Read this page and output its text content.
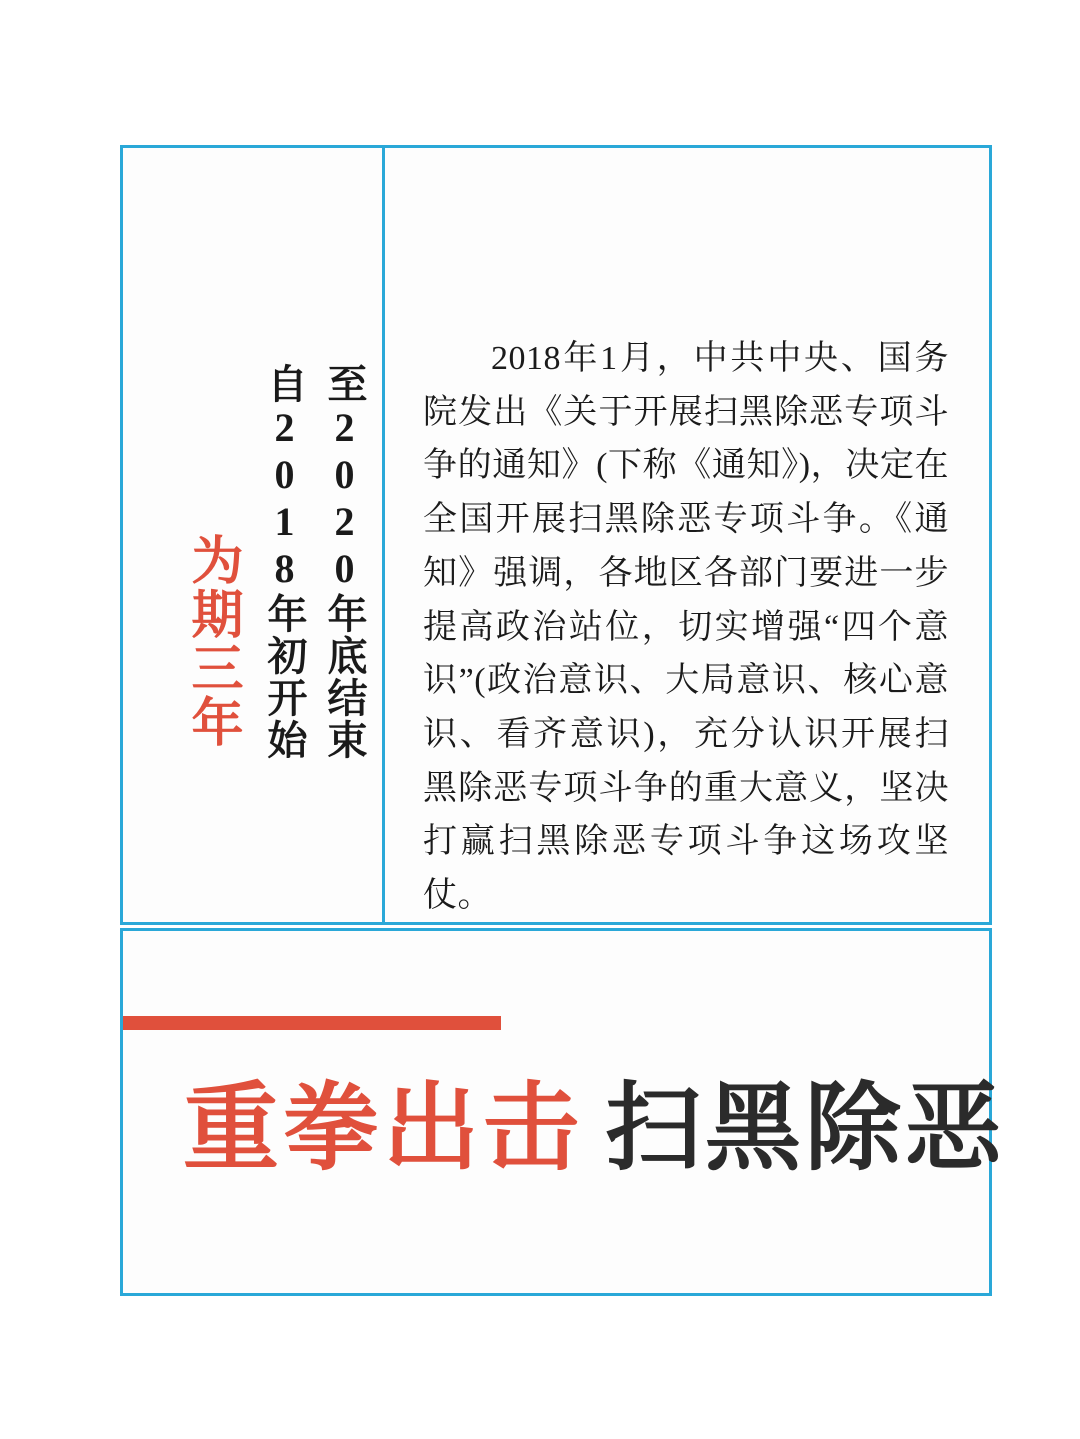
至2020年底结束
自2018年初开始
为期三年

2018年1月，中共中央、国务院发出《关于开展扫黑除恶专项斗争的通知》(下称《通知》)，决定在全国开展扫黑除恶专项斗争。《通知》强调，各地区各部门要进一步提高政治站位，切实增强“四个意识”(政治意识、大局意识、核心意识、看齐意识)，充分认识开展扫黑除恶专项斗争的重大意义，坚决打赢扫黑除恶专项斗争这场攻坚仗。

重拳出击 扫黑除恶
